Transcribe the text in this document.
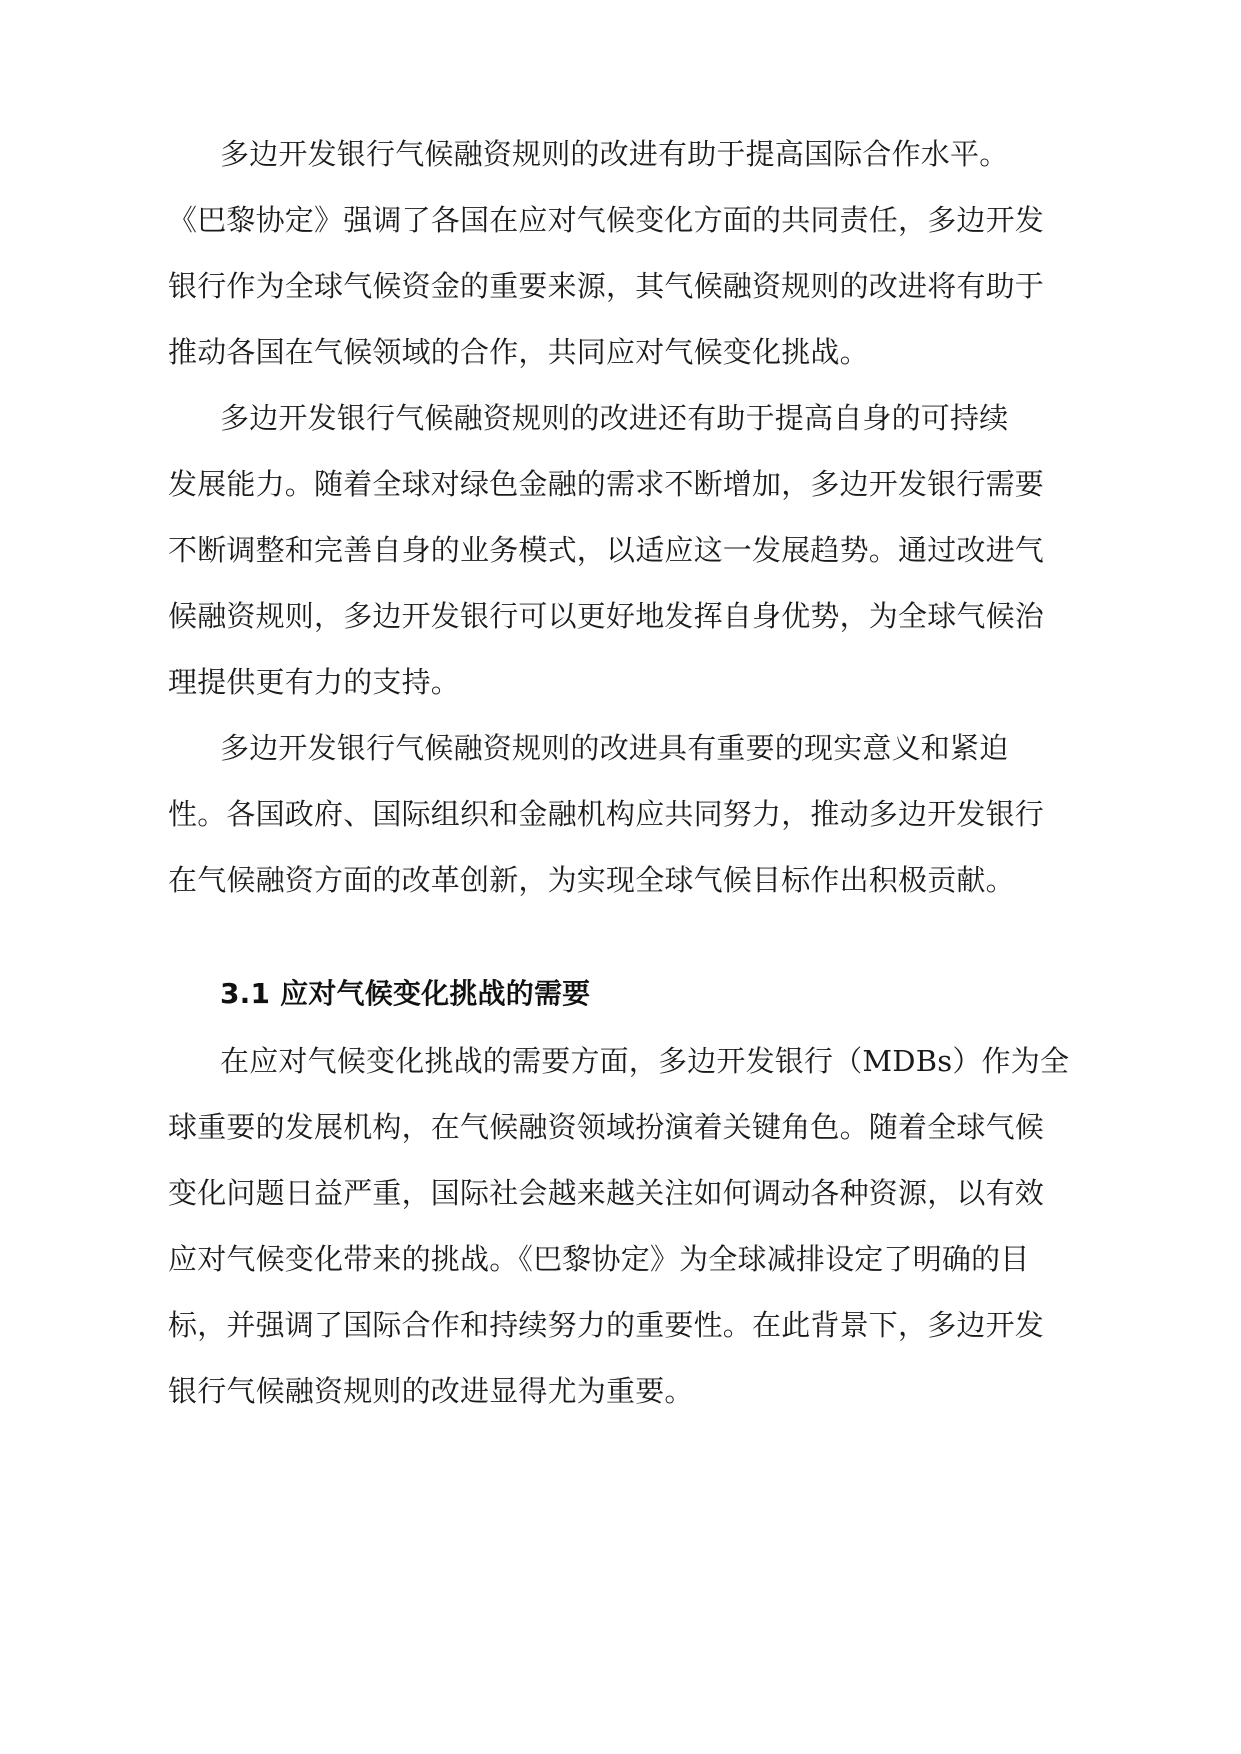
多边开发银行气候融资规则的改进有助于提高国际合作水平。
《巴黎协定》强调了各国在应对气候变化方面的共同责任，多边开发
银行作为全球气候资金的重要来源，其气候融资规则的改进将有助于
推动各国在气候领域的合作，共同应对气候变化挑战。
多边开发银行气候融资规则的改进还有助于提高自身的可持续
发展能力。随着全球对绿色金融的需求不断增加，多边开发银行需要
不断调整和完善自身的业务模式，以适应这一发展趋势。通过改进气
候融资规则，多边开发银行可以更好地发挥自身优势，为全球气候治
理提供更有力的支持。
多边开发银行气候融资规则的改进具有重要的现实意义和紧迫
性。各国政府、国际组织和金融机构应共同努力，推动多边开发银行
在气候融资方面的改革创新，为实现全球气候目标作出积极贡献。
3.1 应对气候变化挑战的需要
在应对气候变化挑战的需要方面，多边开发银行（MDBs）作为全
球重要的发展机构，在气候融资领域扮演着关键角色。随着全球气候
变化问题日益严重，国际社会越来越关注如何调动各种资源，以有效
应对气候变化带来的挑战。《巴黎协定》为全球减排设定了明确的目
标，并强调了国际合作和持续努力的重要性。在此背景下，多边开发
银行气候融资规则的改进显得尤为重要。
